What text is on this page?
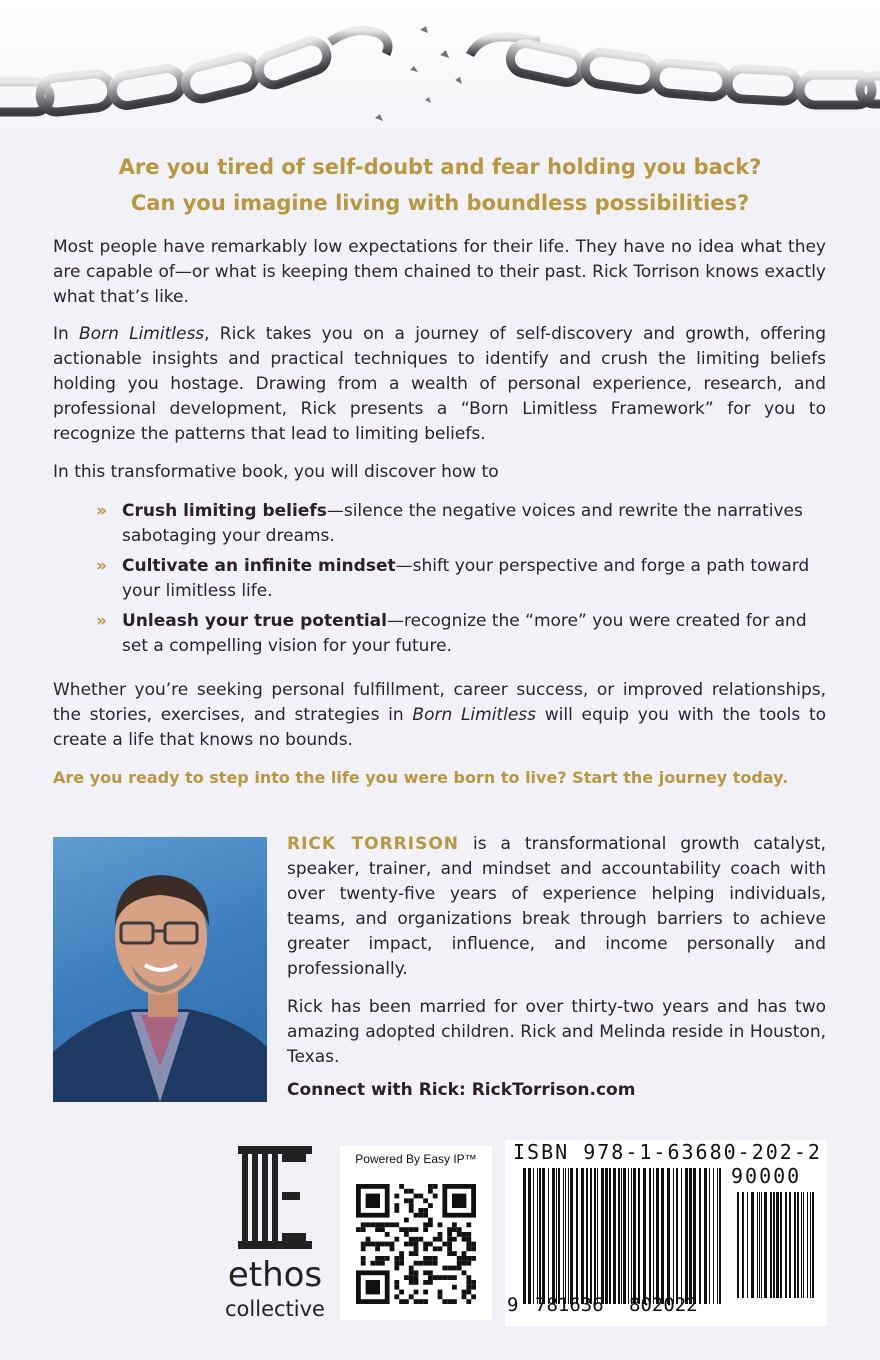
Are you tired of self-doubt and fear holding you back?
Can you imagine living with boundless possibilities?

Most people have remarkably low expectations for their life. They have no idea what they are capable of—or what is keeping them chained to their past. Rick Torrison knows exactly what that’s like.

In Born Limitless, Rick takes you on a journey of self-discovery and growth, offering actionable insights and practical techniques to identify and crush the limiting beliefs holding you hostage. Drawing from a wealth of personal experience, research, and professional development, Rick presents a “Born Limitless Framework” for you to recognize the patterns that lead to limiting beliefs.

In this transformative book, you will discover how to

» Crush limiting beliefs—silence the negative voices and rewrite the narratives sabotaging your dreams.
» Cultivate an infinite mindset—shift your perspective and forge a path toward your limitless life.
» Unleash your true potential—recognize the “more” you were created for and set a compelling vision for your future.

Whether you’re seeking personal fulfillment, career success, or improved relationships, the stories, exercises, and strategies in Born Limitless will equip you with the tools to create a life that knows no bounds.

Are you ready to step into the life you were born to live? Start the journey today.

RICK TORRISON is a transformational growth catalyst, speaker, trainer, and mindset and accountability coach with over twenty-five years of experience helping individuals, teams, and organizations break through barriers to achieve greater impact, influence, and income personally and professionally.

Rick has been married for over thirty-two years and has two amazing adopted children. Rick and Melinda reside in Houston, Texas.

Connect with Rick: RickTorrison.com
ethos
collective
Powered By Easy IP™	ISBN 978-1-63680-202-2
90000
9 781636 802022
